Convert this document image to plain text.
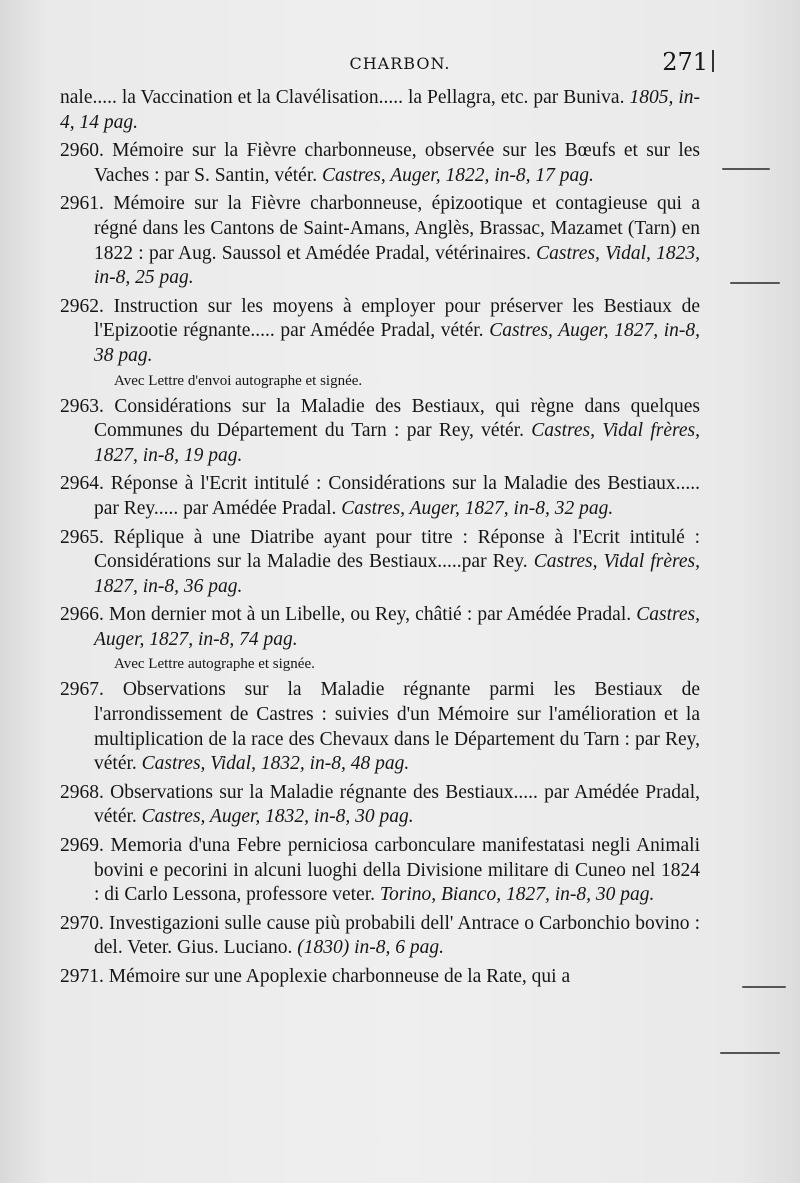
CHARBON.	271

nale..... la Vaccination et la Clavélisation..... la Pellagra, etc. par Buniva. 1805, in-4, 14 pag.

2960. Mémoire sur la Fièvre charbonneuse, observée sur les Bœufs et sur les Vaches : par S. Santin, vétér. Castres, Auger, 1822, in-8, 17 pag.

2961. Mémoire sur la Fièvre charbonneuse, épizootique et contagieuse qui a régné dans les Cantons de Saint-Amans, Anglès, Brassac, Mazamet (Tarn) en 1822 : par Aug. Saussol et Amédée Pradal, vétérinaires. Castres, Vidal, 1823, in-8, 25 pag.

2962. Instruction sur les moyens à employer pour préserver les Bestiaux de l'Epizootie régnante..... par Amédée Pradal, vétér. Castres, Auger, 1827, in-8, 38 pag.

Avec Lettre d'envoi autographe et signée.

2963. Considérations sur la Maladie des Bestiaux, qui règne dans quelques Communes du Département du Tarn : par Rey, vétér. Castres, Vidal frères, 1827, in-8, 19 pag.

2964. Réponse à l'Ecrit intitulé : Considérations sur la Maladie des Bestiaux..... par Rey..... par Amédée Pradal. Castres, Auger, 1827, in-8, 32 pag.

2965. Réplique à une Diatribe ayant pour titre : Réponse à l'Ecrit intitulé : Considérations sur la Maladie des Bestiaux.....par Rey. Castres, Vidal frères, 1827, in-8, 36 pag.

2966. Mon dernier mot à un Libelle, ou Rey, châtié : par Amédée Pradal. Castres, Auger, 1827, in-8, 74 pag.

Avec Lettre autographe et signée.

2967. Observations sur la Maladie régnante parmi les Bestiaux de l'arrondissement de Castres : suivies d'un Mémoire sur l'amélioration et la multiplication de la race des Chevaux dans le Département du Tarn : par Rey, vétér. Castres, Vidal, 1832, in-8, 48 pag.

2968. Observations sur la Maladie régnante des Bestiaux..... par Amédée Pradal, vétér. Castres, Auger, 1832, in-8, 30 pag.

2969. Memoria d'una Febre perniciosa carbonculare manifestatasi negli Animali bovini e pecorini in alcuni luoghi della Divisione militare di Cuneo nel 1824 : di Carlo Lessona, professore veter. Torino, Bianco, 1827, in-8, 30 pag.

2970. Investigazioni sulle cause più probabili dell' Antrace o Carbonchio bovino : del. Veter. Gius. Luciano. (1830) in-8, 6 pag.

2971. Mémoire sur une Apoplexie charbonneuse de la Rate, qui a
